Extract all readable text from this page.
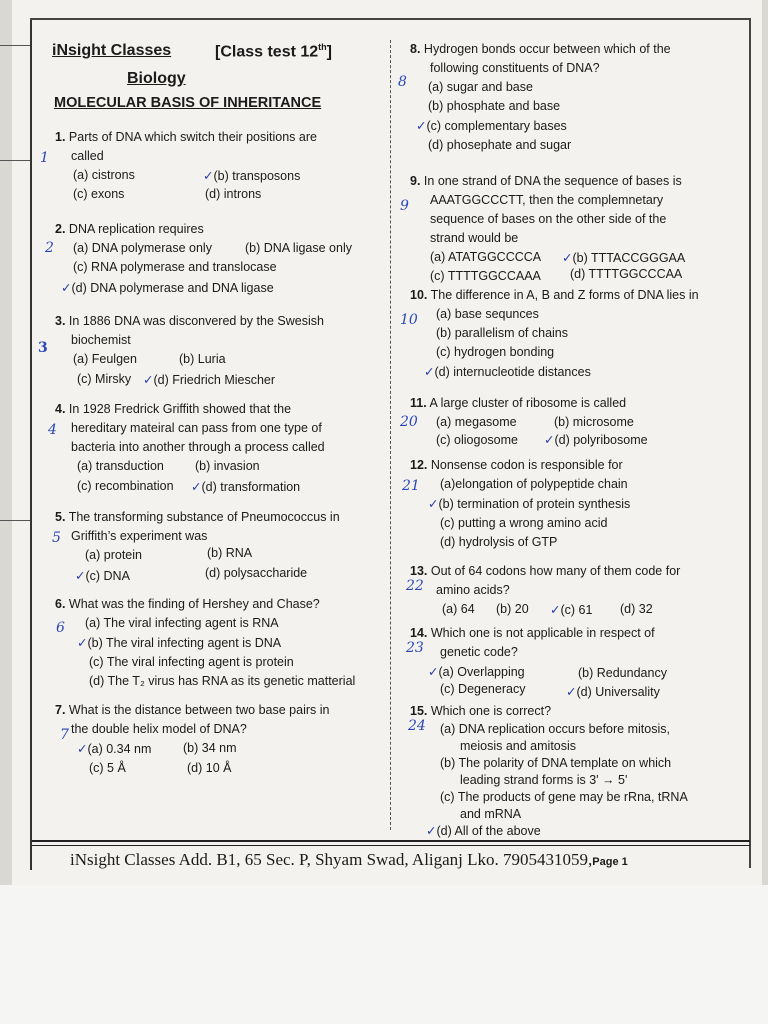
iNsight Classes	[Class test 12th]
Biology
MOLECULAR BASIS OF INHERITANCE
1. Parts of DNA which switch their positions are
called
(a) cistrons	✓(b) transposons
(c) exons	(d) introns
2. DNA replication requires
(a) DNA polymerase only	(b) DNA ligase only
(c) RNA polymerase and translocase
✓(d) DNA polymerase and DNA ligase
3. In 1886 DNA was disconvered by the Swesish
biochemist
(a) Feulgen	(b) Luria
(c) Mirsky ✓(d) Friedrich Miescher
4. In 1928 Fredrick Griffith showed that the
hereditary mateiral can pass from one type of
bacteria into another through a process called
(a) transduction (b) invasion
(c) recombination ✓(d) transformation
5. The transforming substance of Pneumococcus in
Griffith’s experiment was
(a) protein	(b) RNA
✓(c) DNA	(d) polysaccharide
6. What was the finding of Hershey and Chase?
(a) The viral infecting agent is RNA
✓(b) The viral infecting agent is DNA
(c) The viral infecting agent is protein
(d) The T₂ virus has RNA as its genetic matterial
7. What is the distance between two base pairs in
the double helix model of DNA?
✓(a) 0.34 nm	(b) 34 nm
(c) 5 Å	(d) 10 Å
1
2
3
4
5
6
7
8. Hydrogen bonds occur between which of the
following constituents of DNA?
(a) sugar and base
(b) phosphate and base
✓(c) complementary bases
(d) phosephate and sugar
9. In one strand of DNA the sequence of bases is
AAATGGCCCTT, then the complemnetary
sequence of bases on the other side of the
strand would be
(a) ATATGGCCCCA ✓(b) TTTACCGGGAA
(c) TTTTGGCCAAA (d) TTTTGGCCCAA
10. The difference in A, B and Z forms of DNA lies in
(a) base sequnces
(b) parallelism of chains
(c) hydrogen bonding
✓(d) internucleotide distances
11. A large cluster of ribosome is called
(a) megasome	(b) microsome
(c) oliogosome ✓(d) polyribosome
12. Nonsense codon is responsible for
(a)elongation of polypeptide chain
✓(b) termination of protein synthesis
(c) putting a wrong amino acid
(d) hydrolysis of GTP
13. Out of 64 codons how many of them code for
amino acids?
(a) 64 (b) 20 ✓(c) 61 (d) 32
14. Which one is not applicable in respect of
genetic code?
✓(a) Overlapping	(b) Redundancy
(c) Degeneracy	✓(d) Universality
15. Which one is correct?
(a) DNA replication occurs before mitosis,
meiosis and amitosis
(b) The polarity of DNA template on which
leading strand forms is 3' → 5'
(c) The products of gene may be rRna, tRNA
and mRNA
✓(d) All of the above
8
9
10
20
21
22
23
24
iNsight Classes Add. B1, 65 Sec. P, Shyam Swad, Aliganj Lko. 7905431059,Page 1
